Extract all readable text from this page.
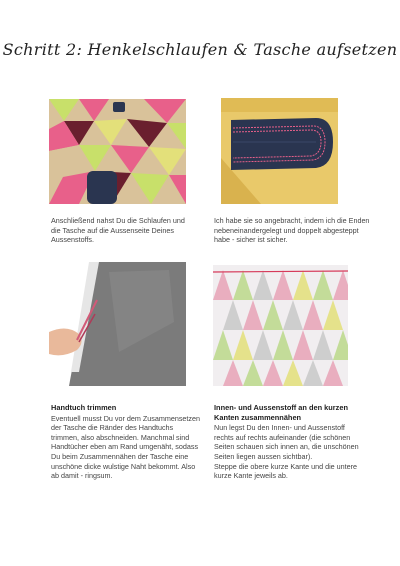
Schritt 2: Henkelschlaufen & Tasche aufsetzen

Anschließend nahst Du die Schlaufen und die Tasche auf die Aussenseite Deines Aussenstoffs.

Ich habe sie so angebracht, indem ich die Enden nebeneinandergelegt und doppelt abgesteppt habe - sicher ist sicher.

Handtuch trimmen

Eventuell musst Du vor dem Zusammensetzen der Tasche die Ränder des Handtuchs trimmen, also abschneiden. Manchmal sind Handtücher eben am Rand umgenäht, sodass Du beim Zusammennähen der Tasche eine unschöne dicke wulstige Naht bekommt. Also ab damit - ringsum.

Innen- und Aussenstoff an den kurzen Kanten zusammennähen

Nun legst Du den Innen- und Aussenstoff rechts auf rechts aufeinander (die schönen Seiten schauen sich innen an, die unschönen Seiten liegen aussen sichtbar).

Steppe die obere kurze Kante und die untere kurze Kante jeweils ab.
